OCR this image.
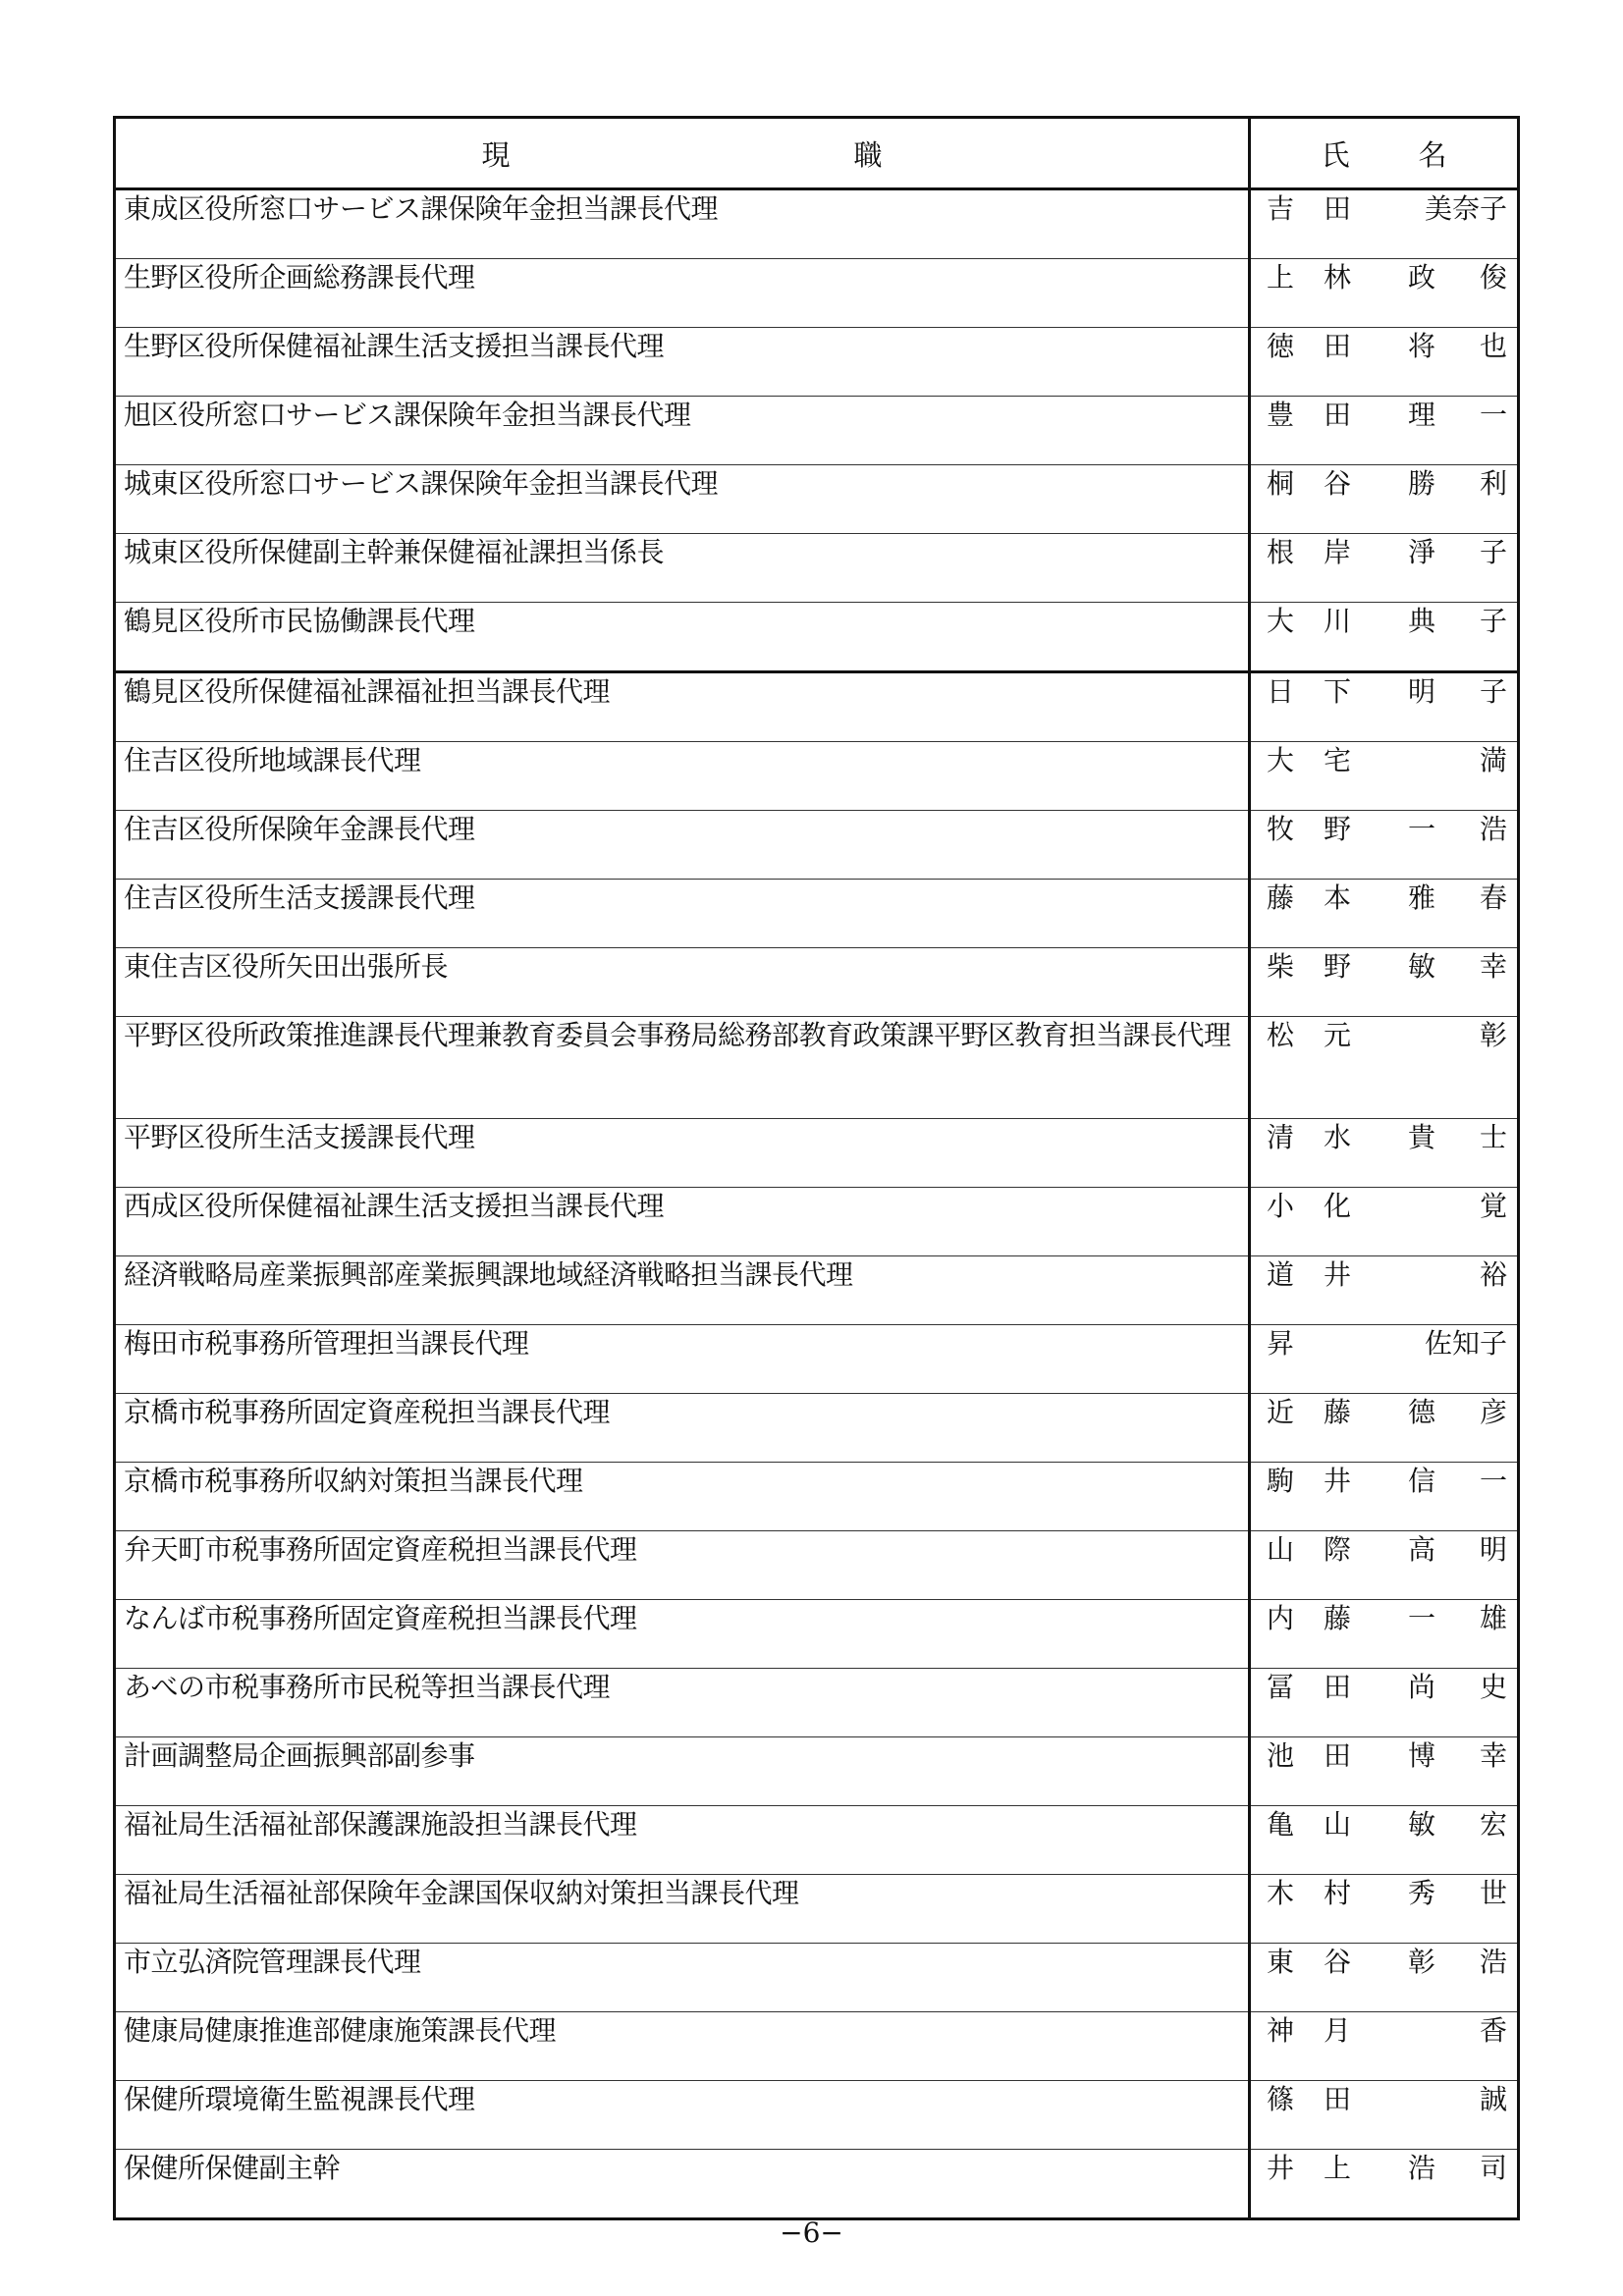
現 職	氏 名

東成区役所窓口サービス課保険年金担当課長代理	吉 田 美奈子

生野区役所企画総務課長代理	上 林 政 俊

生野区役所保健福祉課生活支援担当課長代理	徳 田 将 也

旭区役所窓口サービス課保険年金担当課長代理	豊 田 理 一

城東区役所窓口サービス課保険年金担当課長代理	桐 谷 勝 利

城東区役所保健副主幹兼保健福祉課担当係長	根 岸 淨 子

鶴見区役所市民協働課長代理	大 川 典 子

鶴見区役所保健福祉課福祉担当課長代理	日 下 明 子

住吉区役所地域課長代理	大 宅 満

住吉区役所保険年金課長代理	牧 野 一 浩

住吉区役所生活支援課長代理	藤 本 雅 春

東住吉区役所矢田出張所長	柴 野 敏 幸

平野区役所政策推進課長代理兼教育委員会事務局総務部教育政策課平野区教育担当課長代理	松 元 彰

平野区役所生活支援課長代理	清 水 貴 士

西成区役所保健福祉課生活支援担当課長代理	小 化 覚

経済戦略局産業振興部産業振興課地域経済戦略担当課長代理	道 井 裕

梅田市税事務所管理担当課長代理	昇 佐知子

京橋市税事務所固定資産税担当課長代理	近 藤 德 彦

京橋市税事務所収納対策担当課長代理	駒 井 信 一

弁天町市税事務所固定資産税担当課長代理	山 際 高 明

なんば市税事務所固定資産税担当課長代理	内 藤 一 雄

あべの市税事務所市民税等担当課長代理	冨 田 尚 史

計画調整局企画振興部副参事	池 田 博 幸

福祉局生活福祉部保護課施設担当課長代理	亀 山 敏 宏

福祉局生活福祉部保険年金課国保収納対策担当課長代理	木 村 秀 世

市立弘済院管理課長代理	東 谷 彰 浩

健康局健康推進部健康施策課長代理	神 月 香

保健所環境衛生監視課長代理	篠 田 誠

保健所保健副主幹	井 上 浩 司
−6−
